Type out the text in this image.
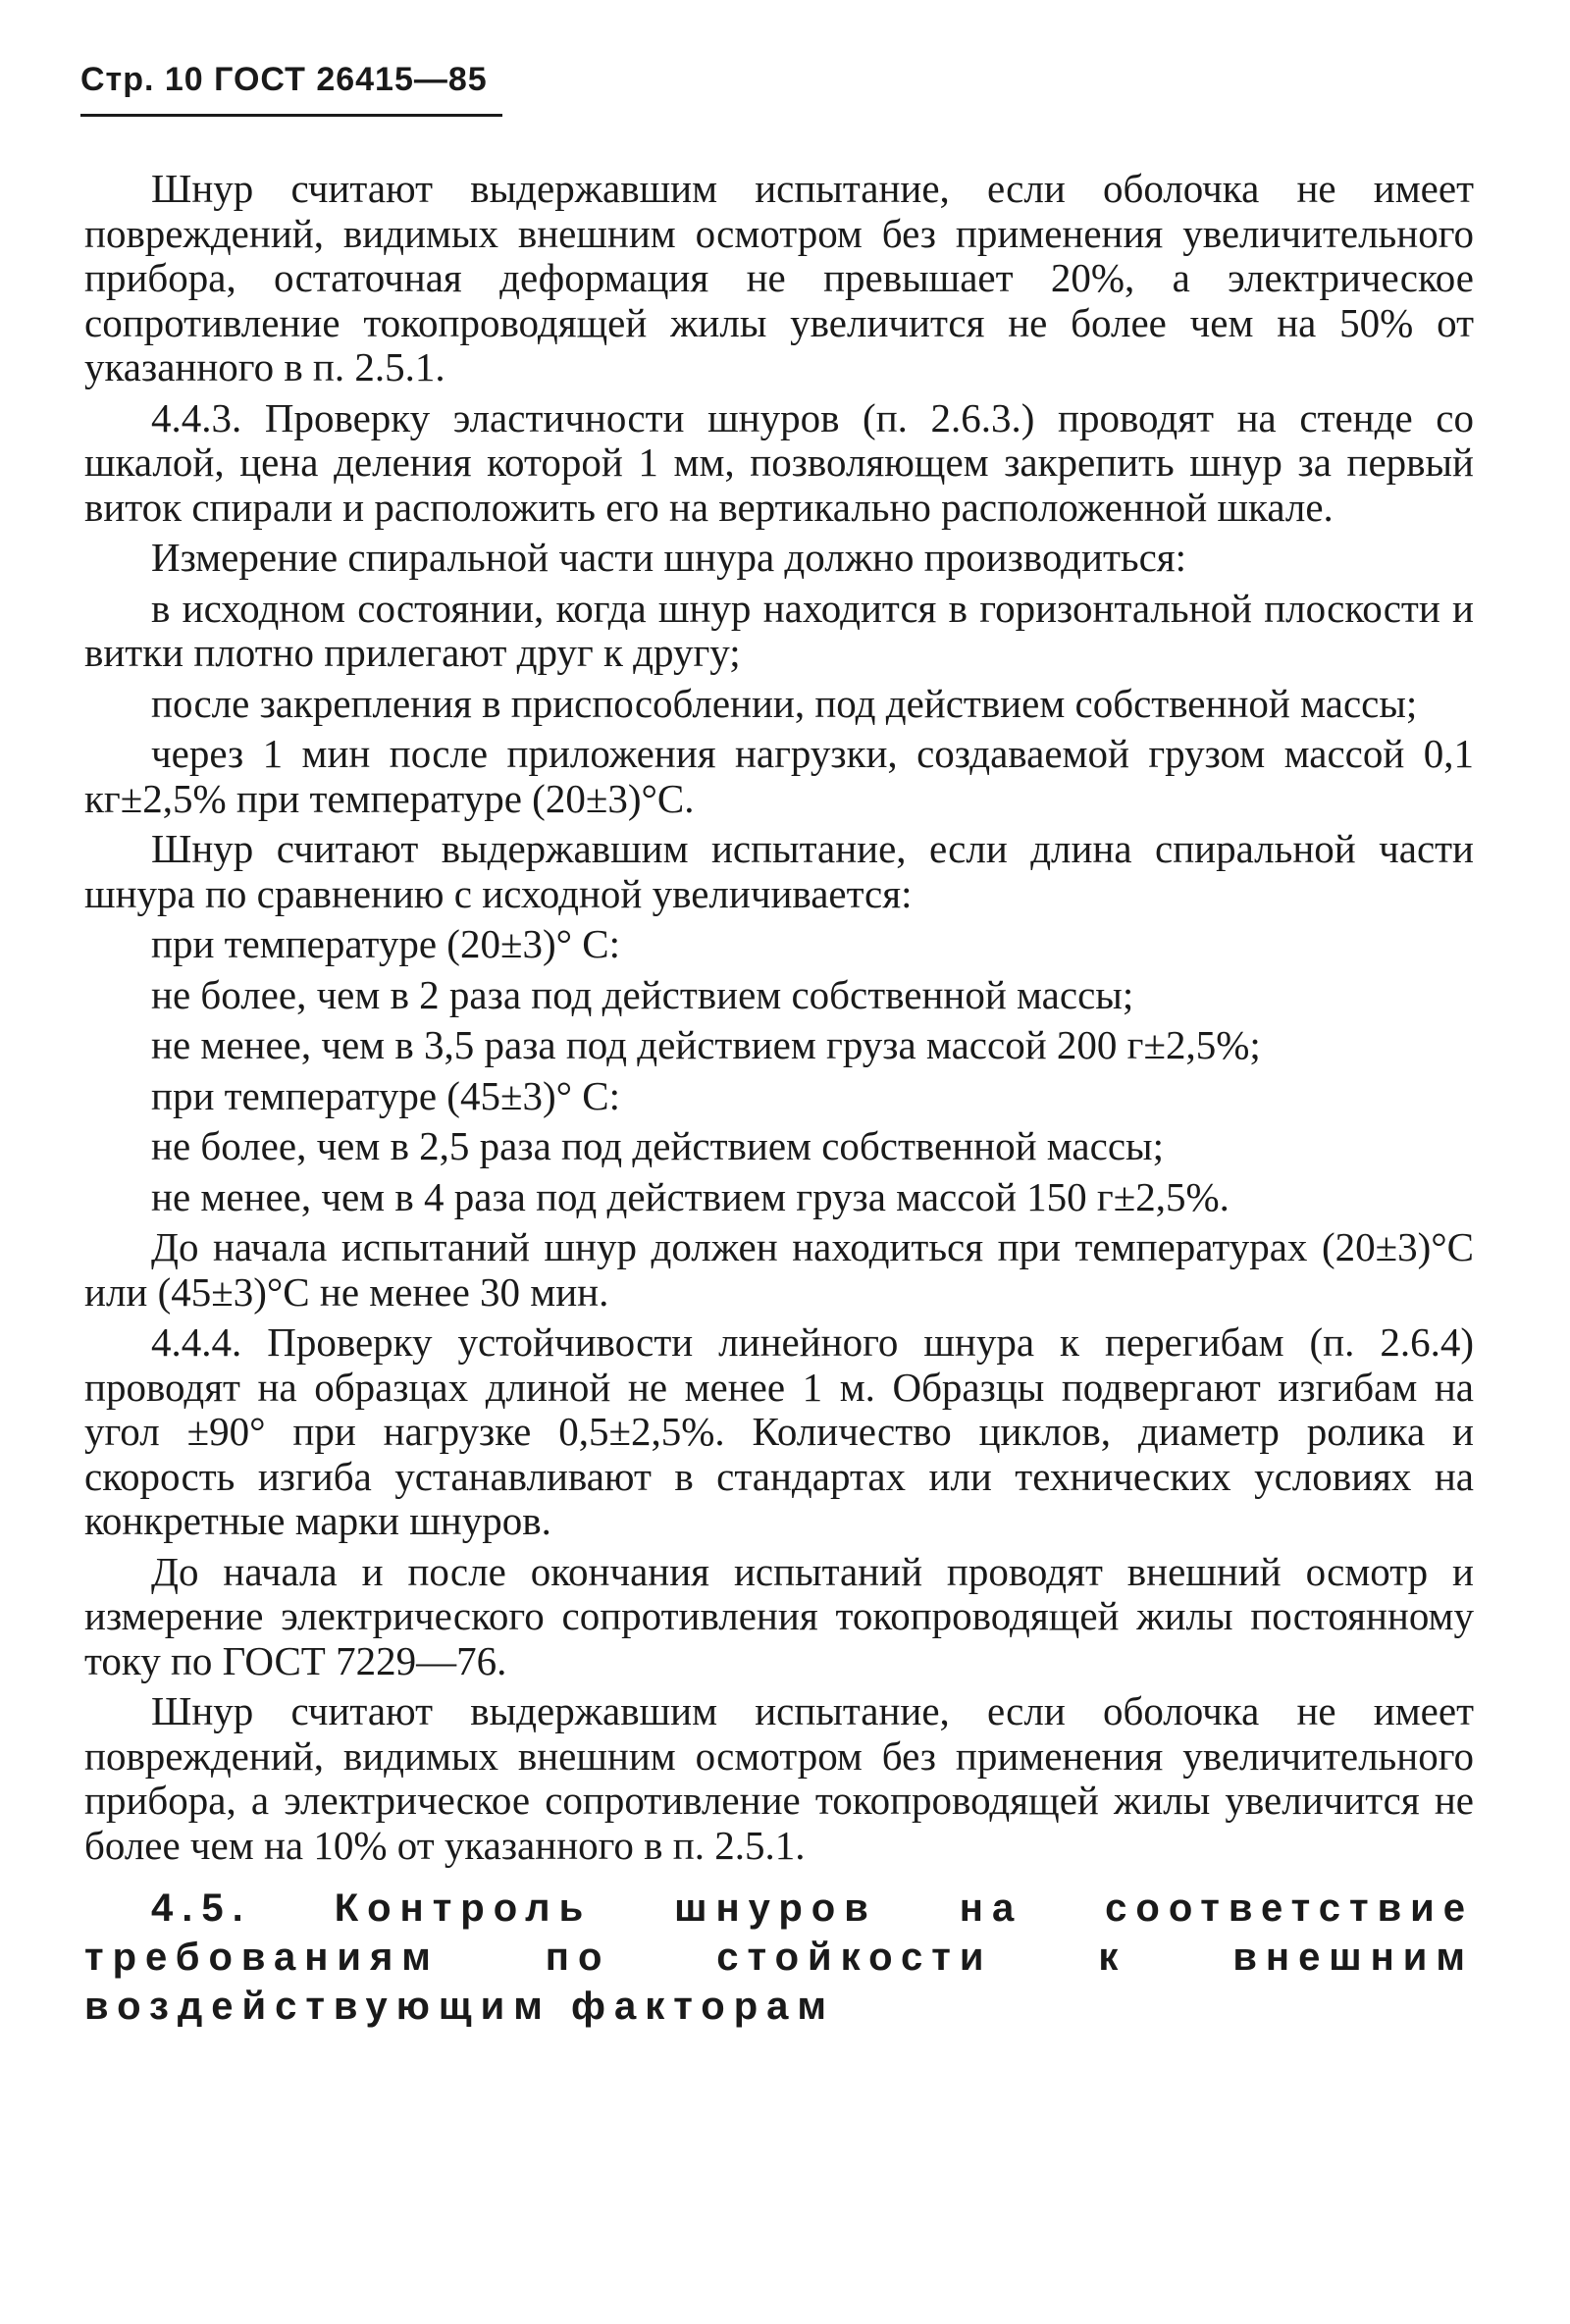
Стр. 10 ГОСТ 26415—85

Шнур считают выдержавшим испытание, если оболочка не имеет повреждений, видимых внешним осмотром без применения увеличительного прибора, остаточная деформация не превышает 20%, а электрическое сопротивление токопроводящей жилы увеличится не более чем на 50% от указанного в п. 2.5.1.

4.4.3. Проверку эластичности шнуров (п. 2.6.3.) проводят на стенде со шкалой, цена деления которой 1 мм, позволяющем закрепить шнур за первый виток спирали и расположить его на вертикально расположенной шкале.

Измерение спиральной части шнура должно производиться:

в исходном состоянии, когда шнур находится в горизонтальной плоскости и витки плотно прилегают друг к другу;

после закрепления в приспособлении, под действием собственной массы;

через 1 мин после приложения нагрузки, создаваемой грузом массой 0,1 кг±2,5% при температуре (20±3)°С.

Шнур считают выдержавшим испытание, если длина спиральной части шнура по сравнению с исходной увеличивается:

при температуре (20±3)° С:

не более, чем в 2 раза под действием собственной массы;

не менее, чем в 3,5 раза под действием груза массой 200 г±2,5%;

при температуре (45±3)° С:

не более, чем в 2,5 раза под действием собственной массы;

не менее, чем в 4 раза под действием груза массой 150 г±2,5%.

До начала испытаний шнур должен находиться при температурах (20±3)°С или (45±3)°С не менее 30 мин.

4.4.4. Проверку устойчивости линейного шнура к перегибам (п. 2.6.4) проводят на образцах длиной не менее 1 м. Образцы подвергают изгибам на угол ±90° при нагрузке 0,5±2,5%. Количество циклов, диаметр ролика и скорость изгиба устанавливают в стандартах или технических условиях на конкретные марки шнуров.

До начала и после окончания испытаний проводят внешний осмотр и измерение электрического сопротивления токопроводящей жилы постоянному току по ГОСТ 7229—76.

Шнур считают выдержавшим испытание, если оболочка не имеет повреждений, видимых внешним осмотром без применения увеличительного прибора, а электрическое сопротивление токопроводящей жилы увеличится не более чем на 10% от указанного в п. 2.5.1.

4.5. Контроль шнуров на соответствие требованиям по стойкости к внешним воздействующим факторам
